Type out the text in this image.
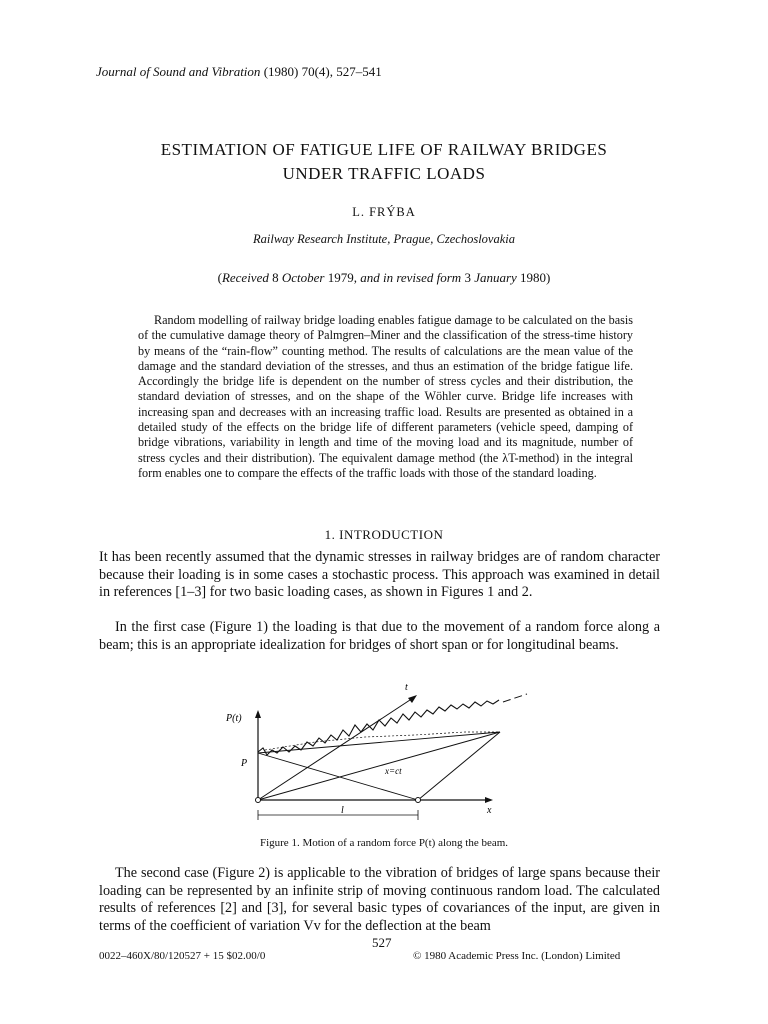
Journal of Sound and Vibration (1980) 70(4), 527–541
ESTIMATION OF FATIGUE LIFE OF RAILWAY BRIDGES
UNDER TRAFFIC LOADS
L. FRÝBA
Railway Research Institute, Prague, Czechoslovakia
(Received 8 October 1979, and in revised form 3 January 1980)
Random modelling of railway bridge loading enables fatigue damage to be calculated on the basis of the cumulative damage theory of Palmgren–Miner and the classification of the stress-time history by means of the “rain-flow” counting method. The results of calculations are the mean value of the damage and the standard deviation of the stresses, and thus an estimation of the bridge fatigue life. Accordingly the bridge life is dependent on the number of stress cycles and their distribution, the standard deviation of stresses, and on the shape of the Wöhler curve. Bridge life increases with increasing span and decreases with an increasing traffic load. Results are presented as obtained in a detailed study of the effects on the bridge life of different parameters (vehicle speed, damping of bridge vibrations, variability in length and time of the moving load and its magnitude, number of stress cycles and their distribution). The equivalent damage method (the λT-method) in the integral form enables one to compare the effects of the traffic loads with those of the standard loading.
1. INTRODUCTION
It has been recently assumed that the dynamic stresses in railway bridges are of random character because their loading is in some cases a stochastic process. This approach was examined in detail in references [1–3] for two basic loading cases, as shown in Figures 1 and 2.
In the first case (Figure 1) the loading is that due to the movement of a random force along a beam; this is an appropriate idealization for bridges of short span or for longitudinal beams.
P(t)
P
t
x
x=ct
l
Figure 1. Motion of a random force P(t) along the beam.
The second case (Figure 2) is applicable to the vibration of bridges of large spans because their loading can be represented by an infinite strip of moving continuous random load. The calculated results of references [2] and [3], for several basic types of covariances of the input, are given in terms of the coefficient of variation Vv for the deflection at the beam
527
0022–460X/80/120527 + 15 $02.00/0	© 1980 Academic Press Inc. (London) Limited
